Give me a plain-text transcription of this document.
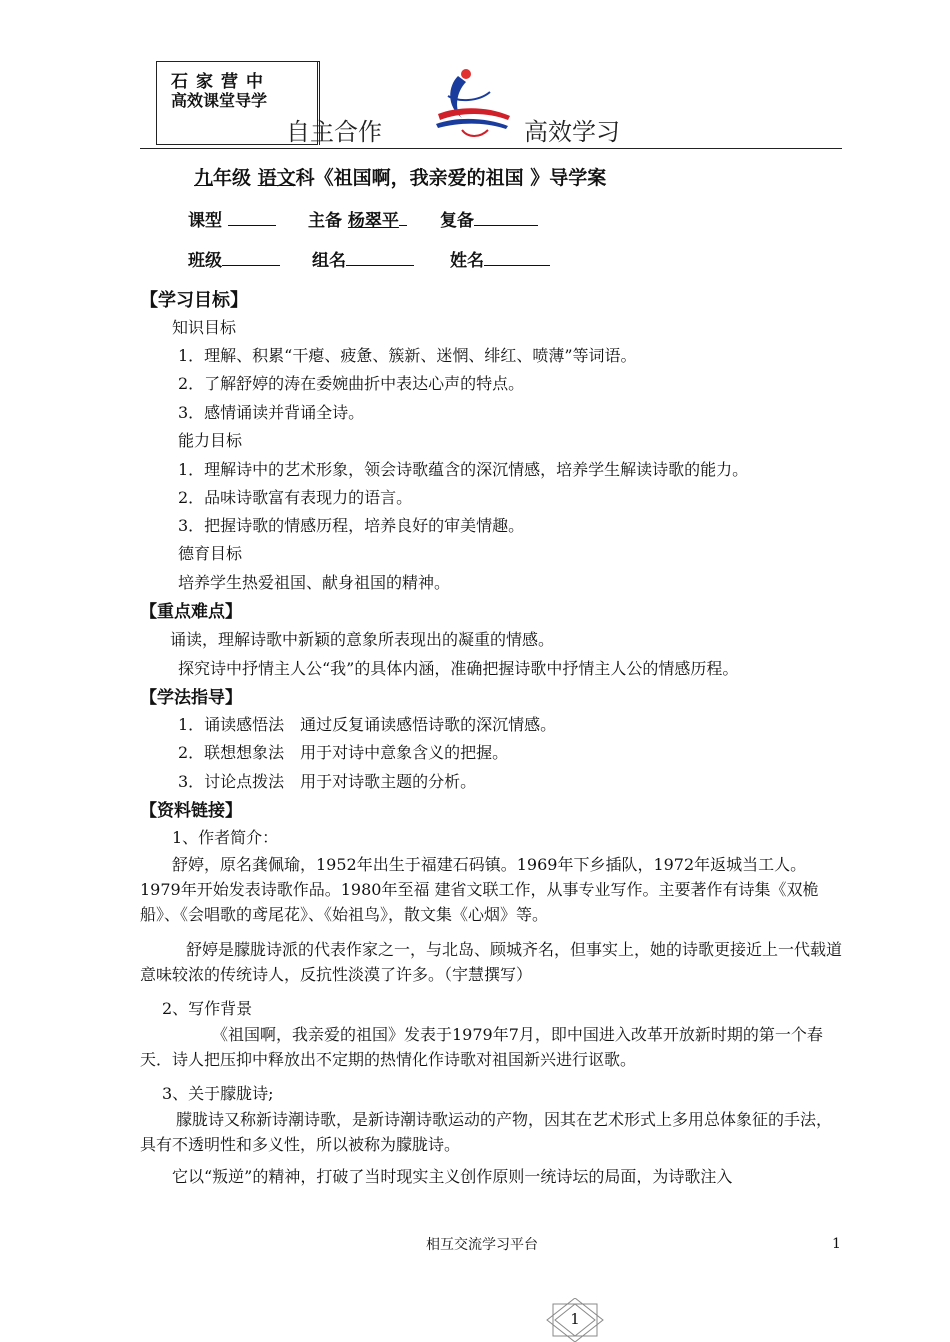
石家营中
高效课堂导学
自主合作	高效学习
九年级 语文科《祖国啊，我亲爱的祖国 》导学案
课型	主备 杨翠平	复备
班级	组名	姓名
【学习目标】
知识目标
1．理解、积累“干瘪、疲惫、簇新、迷惘、绯红、喷薄”等词语。
2．了解舒婷的涛在委婉曲折中表达心声的特点。
3．感情诵读并背诵全诗。
能力目标
1．理解诗中的艺术形象，领会诗歌蕴含的深沉情感，培养学生解读诗歌的能力。
2．品味诗歌富有表现力的语言。
3．把握诗歌的情感历程，培养良好的审美情趣。
德育目标
培养学生热爱祖国、献身祖国的精神。
【重点难点】
诵读，理解诗歌中新颖的意象所表现出的凝重的情感。
探究诗中抒情主人公“我”的具体内涵，准确把握诗歌中抒情主人公的情感历程。
【学法指导】
1．诵读感悟法　通过反复诵读感悟诗歌的深沉情感。
2．联想想象法　用于对诗中意象含义的把握。
3．讨论点拨法　用于对诗歌主题的分析。
【资料链接】
1、作者简介：
舒婷，原名龚佩瑜，1952年出生于福建石码镇。1969年下乡插队，1972年返城当工人。1979年开始发表诗歌作品。1980年至福 建省文联工作，从事专业写作。主要著作有诗集《双桅船》、《会唱歌的鸢尾花》、《始祖鸟》，散文集《心烟》等。
舒婷是朦胧诗派的代表作家之一，与北岛、顾城齐名，但事实上，她的诗歌更接近上一代载道意味较浓的传统诗人，反抗性淡漠了许多。（宇慧撰写）
2、写作背景
《祖国啊，我亲爱的祖国》发表于1979年7月，即中国进入改革开放新时期的第一个春天．诗人把压抑中释放出不定期的热情化作诗歌对祖国新兴进行讴歌。
3、关于朦胧诗;
朦胧诗又称新诗潮诗歌，是新诗潮诗歌运动的产物，因其在艺术形式上多用总体象征的手法，具有不透明性和多义性，所以被称为朦胧诗。
它以“叛逆”的精神，打破了当时现实主义创作原则一统诗坛的局面，为诗歌注入
相互交流学习平台	1
1
